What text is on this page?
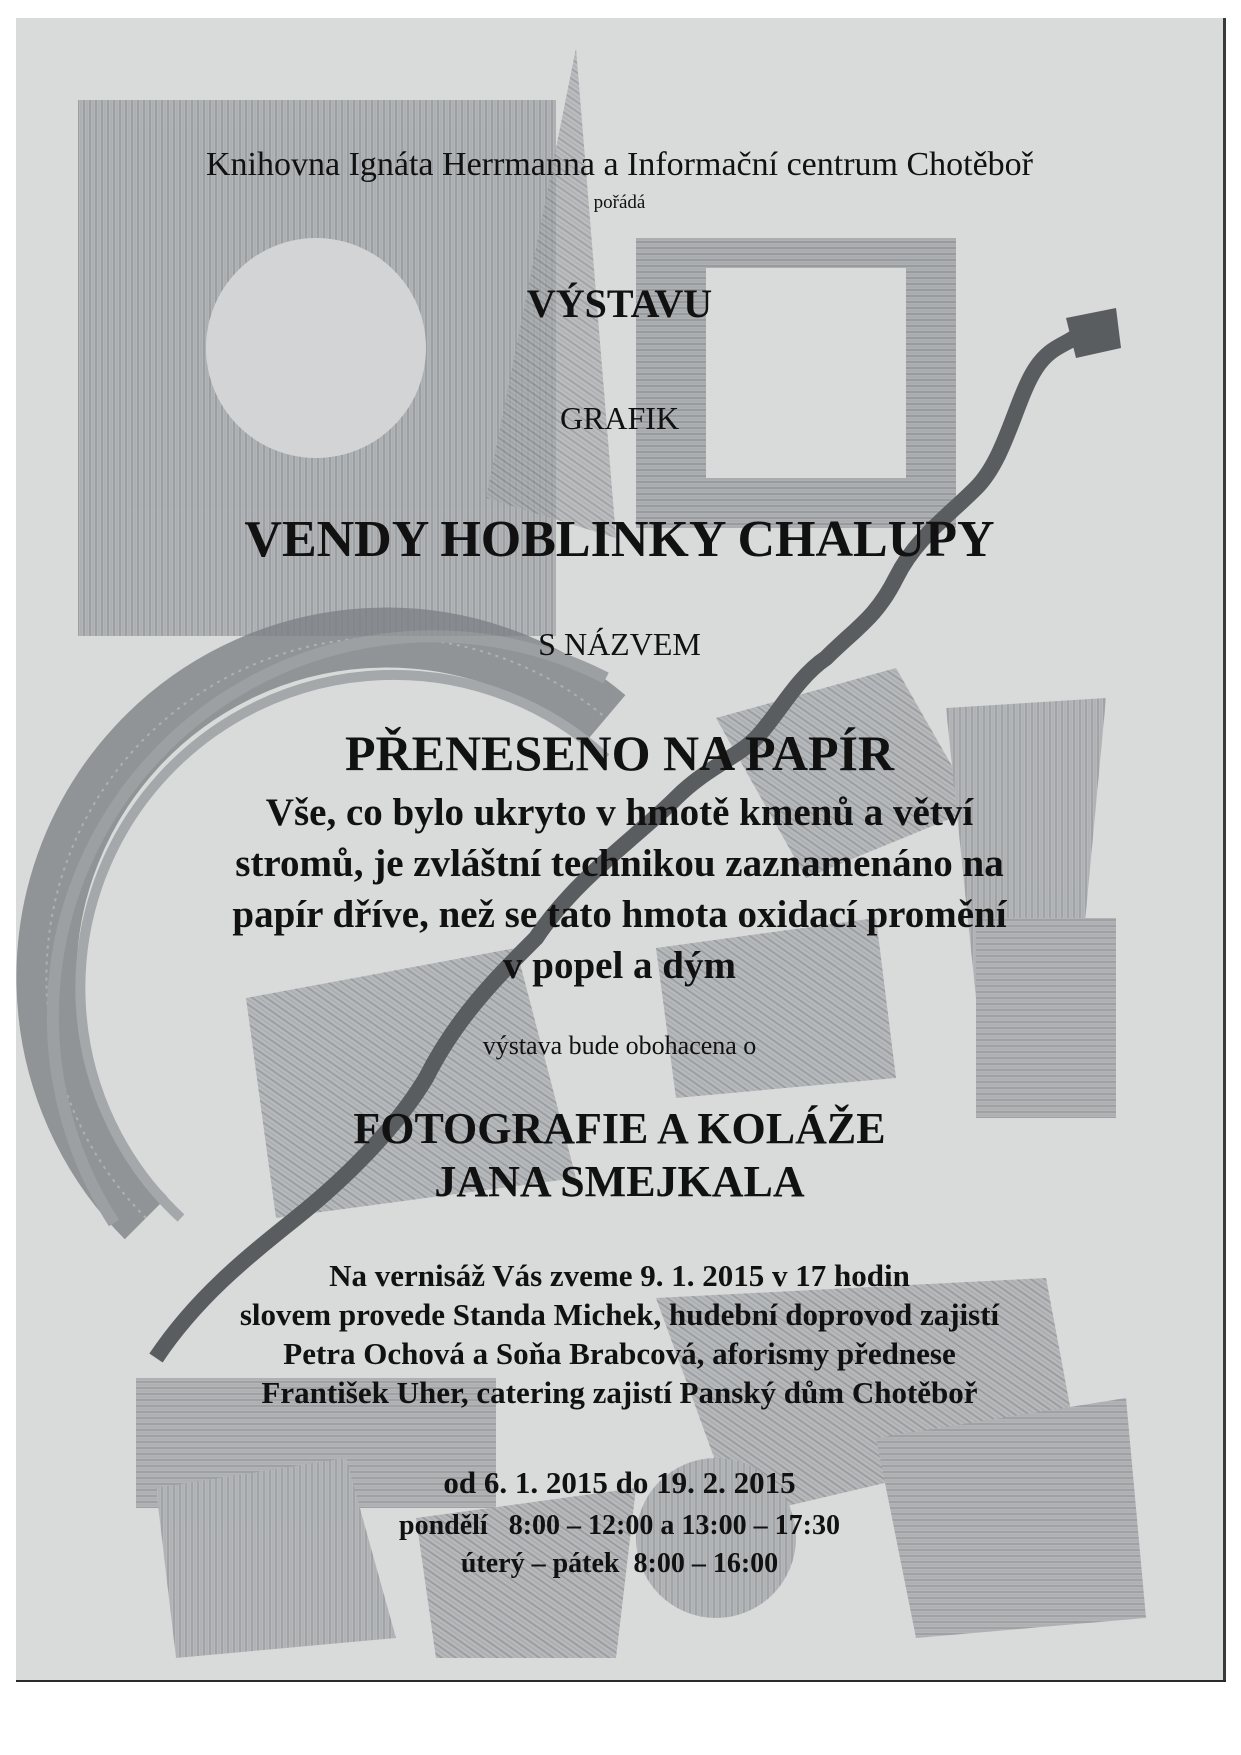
Knihovna Ignáta Herrmanna a Informační centrum Chotěboř

pořádá

VÝSTAVU

GRAFIK

VENDY HOBLINKY CHALUPY

S NÁZVEM

PŘENESENO NA PAPÍR

Vše, co bylo ukryto v hmotě kmenů a větví

stromů, je zvláštní technikou zaznamenáno na

papír dříve, než se tato hmota oxidací promění

v popel a dým

výstava bude obohacena o

FOTOGRAFIE A KOLÁŽE

JANA SMEJKALA

Na vernisáž Vás zveme 9. 1. 2015 v 17 hodin

slovem provede Standa Michek, hudební doprovod zajistí

Petra Ochová a Soňa Brabcová, aforismy přednese

František Uher, catering zajistí Panský dům Chotěboř

od 6. 1. 2015 do 19. 2. 2015

pondělí   8:00 – 12:00 a 13:00 – 17:30

úterý – pátek  8:00 – 16:00
